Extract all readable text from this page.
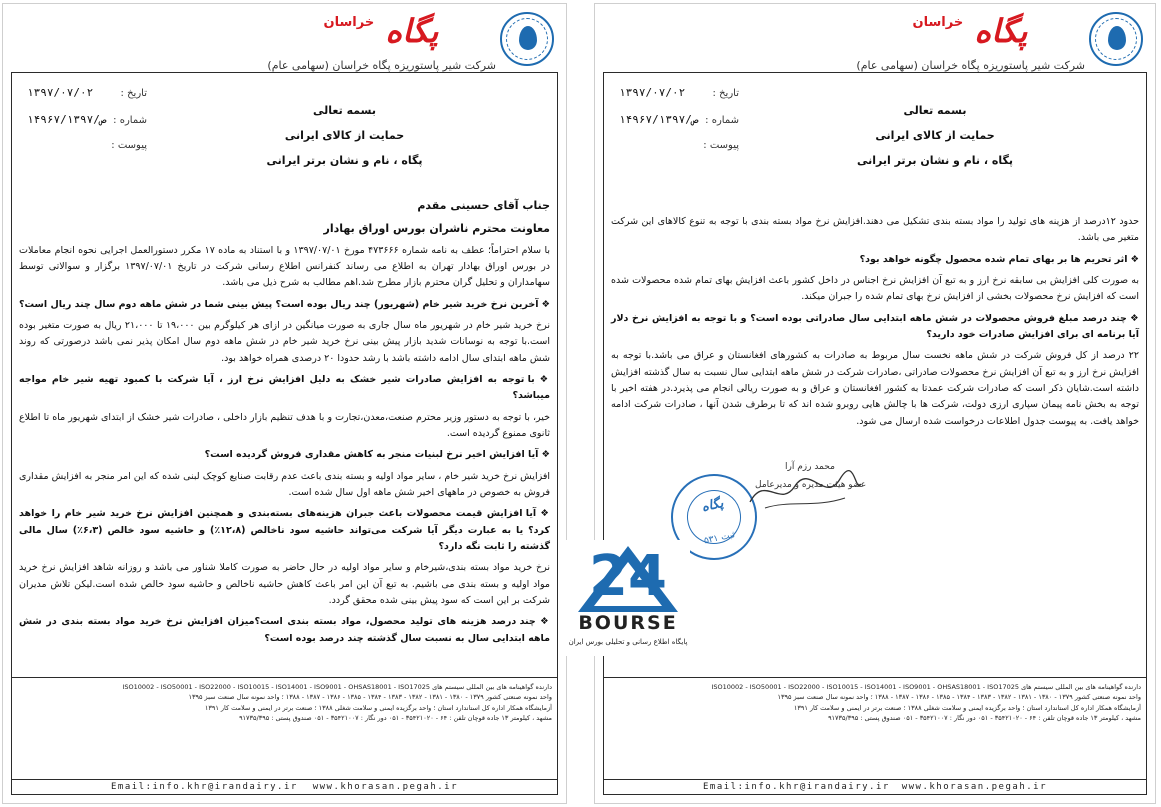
پگاه $^{خراسان}$
شرکت شیر پاستوریزه پگاه خراسان (سهامی عام)
تاریخ :
۱۳۹۷/۰۷/۰۲
شماره :
۱۴۹۶۷/ص/۱۳۹۷
پیوست :
بسمه تعالی
حمایت از کالای ایرانی
پگاه ، نام و نشان برتر ایرانی
جناب آقای حسینی مقدم
معاونت محترم ناشران بورس اوراق بهادار

با سلام احتراماً؛ عطف به نامه شماره ۴۷۳۶۶۶ مورخ ۱۳۹۷/۰۷/۰۱ و با استناد به ماده ۱۷ مکرر دستورالعمل اجرایی نحوه انجام معاملات در بورس اوراق بهادار تهران به اطلاع می رساند کنفرانس اطلاع رسانی شرکت در تاریخ ۱۳۹۷/۰۷/۰۱ برگزار و سوالاتی توسط سهامداران و تحلیل گران محترم بازار مطرح شد.اهم مطالب به شرح ذیل می باشد.

❖ آخرین نرخ خرید شیر خام (شهریور) چند ریال بوده است؟ پیش بینی شما در شش ماهه دوم سال چند ریال است؟

نرخ خرید شیر خام در شهریور ماه سال جاری به صورت میانگین در ازای هر کیلوگرم بین ۱۹،۰۰۰ تا ۲۱،۰۰۰ ریال به صورت متغیر بوده است.با توجه به نوسانات شدید بازار پیش بینی نرخ خرید شیر خام در شش ماهه دوم سال امکان پذیر نمی باشد درصورتی که روند شش ماهه ابتدای سال ادامه داشته باشد با رشد حدودا ۲۰ درصدی همراه خواهد بود.

❖ با توجه به افزایش صادرات شیر خشک به دلیل افزایش نرخ ارز ، آیا شرکت با کمبود تهیه شیر خام مواجه میباشد؟

خیر، با توجه به دستور وزیر محترم صنعت،معدن،تجارت و با هدف تنظیم بازار داخلی ، صادرات شیر خشک از ابتدای شهریور ماه تا اطلاع ثانوی ممنوع گردیده است.

❖ آیا افزایش اخیر نرخ لبنیات منجر به کاهش مقداری فروش گردیده است؟

افزایش نرخ خرید شیر خام ، سایر مواد اولیه و بسته بندی باعث عدم رقابت صنایع کوچک لبنی شده که این امر منجر به افزایش مقداری فروش به خصوص در ماههای اخیر شش ماهه اول سال شده است.

❖ آیا افزایش قیمت محصولات باعث جبران هزینه‌های بسته‌بندی و همچنین افزایش نرخ خرید شیر خام را خواهد کرد؟ یا به عبارت دیگر آیا شرکت می‌تواند حاشیه سود ناخالص (۱۲،۸٪) و حاشیه سود خالص (۶،۳٪) سال مالی گذشته را ثابت نگه دارد؟

نرخ خرید مواد بسته بندی،شیرخام و سایر مواد اولیه در حال حاضر به صورت کاملا شناور می باشد و روزانه شاهد افزایش نرخ خرید مواد اولیه و بسته بندی می باشیم. به تبع آن این امر باعث کاهش حاشیه ناخالص و حاشیه سود خالص شده است.لیکن تلاش مدیران شرکت بر این است که سود پیش بینی شده محقق گردد.

❖ چند درصد هزینه های تولید محصول، مواد بسته بندی است؟میزان افزایش نرخ خرید مواد بسته بندی در شش ماهه ابتدایی سال به نسبت سال گذشته چند درصد بوده است؟

دارنده گواهینامه های بین المللی سیستم های ISO10002 - ISO50001 - ISO22000 - ISO10015 - ISO14001 - ISO9001 - OHSAS18001 - ISO17025
واحد نمونه صنعتی کشور ۱۳۷۹ - ۱۳۸۰ - ۱۳۸۱ - ۱۳۸۲ - ۱۳۸۳ - ۱۳۸۴ - ۱۳۸۵ - ۱۳۸۶ - ۱۳۸۷ - ۱۳۸۸ ؛ واحد نمونه سال صنعت سبز ۱۳۹۵
آزمایشگاه همکار اداره کل استاندارد استان ؛ واحد برگزیده ایمنی و سلامت شغلی ۱۳۸۸ ؛ صنعت برتر در ایمنی و سلامت کار ۱۳۹۱
مشهد ، کیلومتر ۱۳ جاده قوچان تلفن : ۶۴ - ۳۵۴۲۱۰۲۰ - ۰۵۱ دور نگار : ۳۵۴۲۱۰۰۷ - ۰۵۱ صندوق پستی : ۹۱۷۳۵/۳۹۵
Email:info.khr@irandairy.ir www.khorasan.pegah.ir
پگاه $^{خراسان}$
شرکت شیر پاستوریزه پگاه خراسان (سهامی عام)
تاریخ :
۱۳۹۷/۰۷/۰۲
شماره :
۱۴۹۶۷/ص/۱۳۹۷
پیوست :
بسمه تعالی
حمایت از کالای ایرانی
پگاه ، نام و نشان برتر ایرانی

حدود ۱۲درصد از هزینه های تولید را مواد بسته بندی تشکیل می دهند.افزایش نرخ مواد بسته بندی با توجه به تنوع کالاهای این شرکت متغیر می باشد.

❖ اثر تحریم ها بر بهای تمام شده محصول چگونه خواهد بود؟

به صورت کلی افزایش بی سابقه نرخ ارز و به تبع آن افزایش نرخ اجناس در داخل کشور باعث افزایش بهای تمام شده محصولات شده است که افزایش نرخ محصولات بخشی از افزایش نرخ بهای تمام شده را جبران میکند.

❖ چند درصد مبلغ فروش محصولات در شش ماهه ابتدایی سال صادراتی بوده است؟ و با توجه به افزایش نرخ دلار آیا برنامه ای برای افزایش صادرات خود دارید؟

۲۲ درصد از کل فروش شرکت در شش ماهه نخست سال مربوط به صادرات به کشورهای افغانستان و عراق می باشد.با توجه به افزایش نرخ ارز و به تبع آن افزایش نرخ محصولات صادراتی ،صادرات شرکت در شش ماهه ابتدایی سال نسبت به سال گذشته افزایش داشته است.شایان ذکر است که صادرات شرکت عمدتا به کشور افغانستان و عراق و به صورت ریالی انجام می پذیرد.در هفته اخیر با توجه به بخش نامه پیمان سپاری ارزی دولت، شرکت ها با چالش هایی روبرو شده اند که تا برطرف شدن آنها ، صادرات شرکت ادامه خواهد یافت. به پیوست جدول اطلاعات درخواست شده ارسال می شود.

پگاه
ثبت ۵۳۱
محمد رزم آرا
عضو هیئت مدیره و مدیرعامل
دارنده گواهینامه های بین المللی سیستم های ISO10002 - ISO50001 - ISO22000 - ISO10015 - ISO14001 - ISO9001 - OHSAS18001 - ISO17025
واحد نمونه صنعتی کشور ۱۳۷۹ - ۱۳۸۰ - ۱۳۸۱ - ۱۳۸۲ - ۱۳۸۳ - ۱۳۸۴ - ۱۳۸۵ - ۱۳۸۶ - ۱۳۸۷ - ۱۳۸۸ ؛ واحد نمونه سال صنعت سبز ۱۳۹۵
آزمایشگاه همکار اداره کل استاندارد استان ؛ واحد برگزیده ایمنی و سلامت شغلی ۱۳۸۸ ؛ صنعت برتر در ایمنی و سلامت کار ۱۳۹۱
مشهد ، کیلومتر ۱۳ جاده قوچان تلفن : ۶۴ - ۳۵۴۲۱۰۲۰ - ۰۵۱ دور نگار : ۳۵۴۲۱۰۰۷ - ۰۵۱ صندوق پستی : ۹۱۷۳۵/۳۹۵
Email:info.khr@irandairy.ir www.khorasan.pegah.ir
24
BOURSE
پایگاه اطلاع رسانی و تحلیلی بورس ایران
